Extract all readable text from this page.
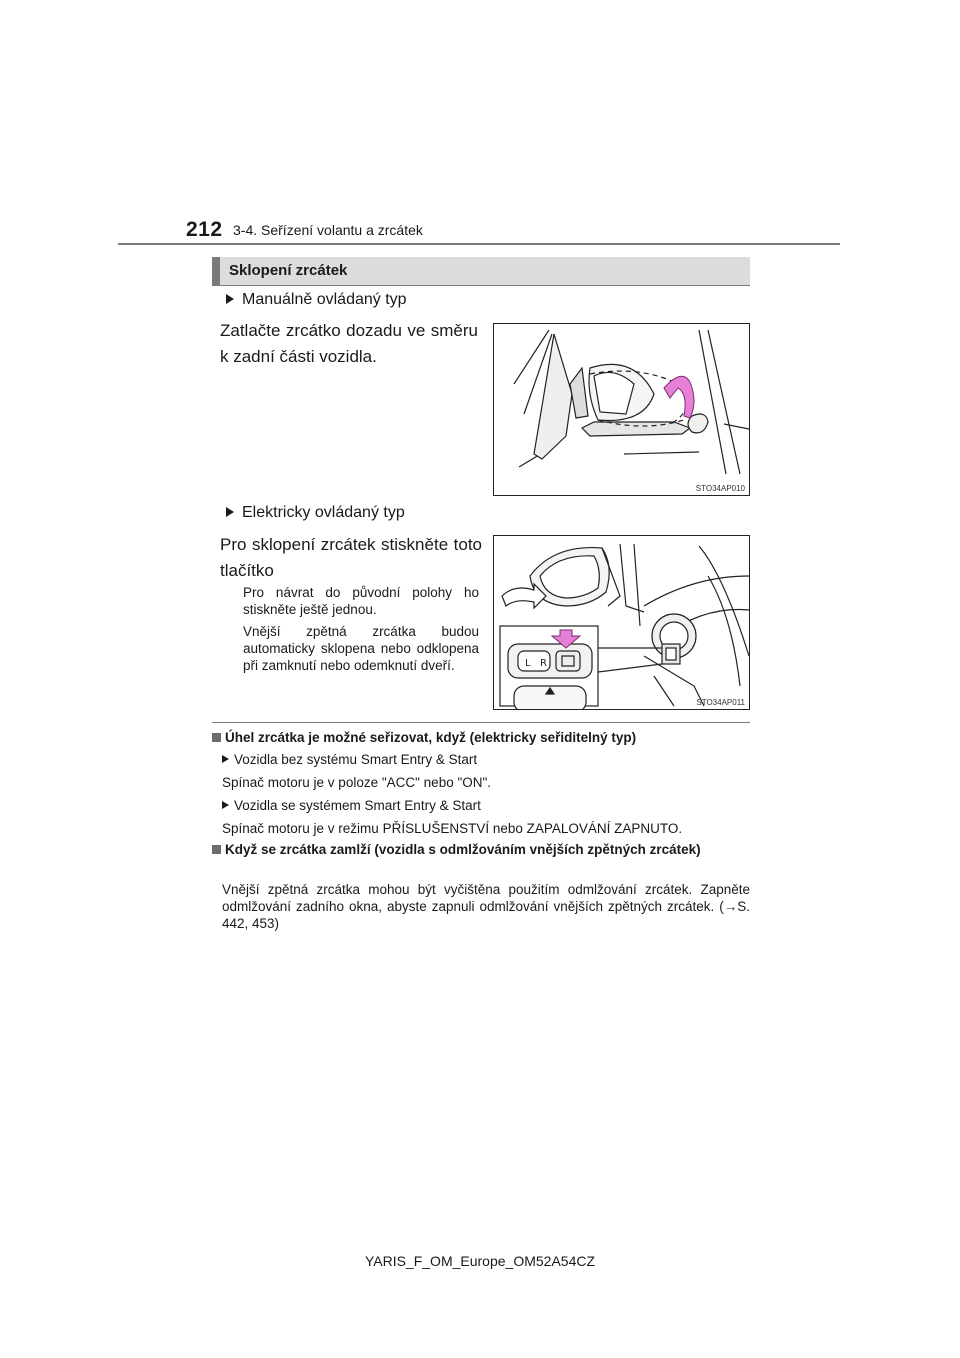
212 3-4. Seřízení volantu a zrcátek
Sklopení zrcátek
Manuálně ovládaný typ
Zatlačte zrcátko dozadu ve směru k zadní části vozidla.
STO34AP010
Elektricky ovládaný typ
Pro sklopení zrcátek stiskněte toto tlačítko
Pro návrat do původní polohy ho stiskněte ještě jednou.
Vnější zpětná zrcátka budou automaticky sklopena nebo odklopena při zamknutí nebo odemknutí dveří.	L R
STO34AP011
Úhel zrcátka je možné seřizovat, když (elektricky seřiditelný typ)
Vozidla bez systému Smart Entry & Start
Spínač motoru je v poloze "ACC" nebo "ON".
Vozidla se systémem Smart Entry & Start
Spínač motoru je v režimu PŘÍSLUŠENSTVÍ nebo ZAPALOVÁNÍ ZAPNUTO.
Když se zrcátka zamlží (vozidla s odmlžováním vnějších zpětných zrcátek)
Vnější zpětná zrcátka mohou být vyčištěna použitím odmlžování zrcátek. Zapněte odmlžování zadního okna, abyste zapnuli odmlžování vnějších zpětných zrcátek. (→S. 442, 453)
YARIS_F_OM_Europe_OM52A54CZ
